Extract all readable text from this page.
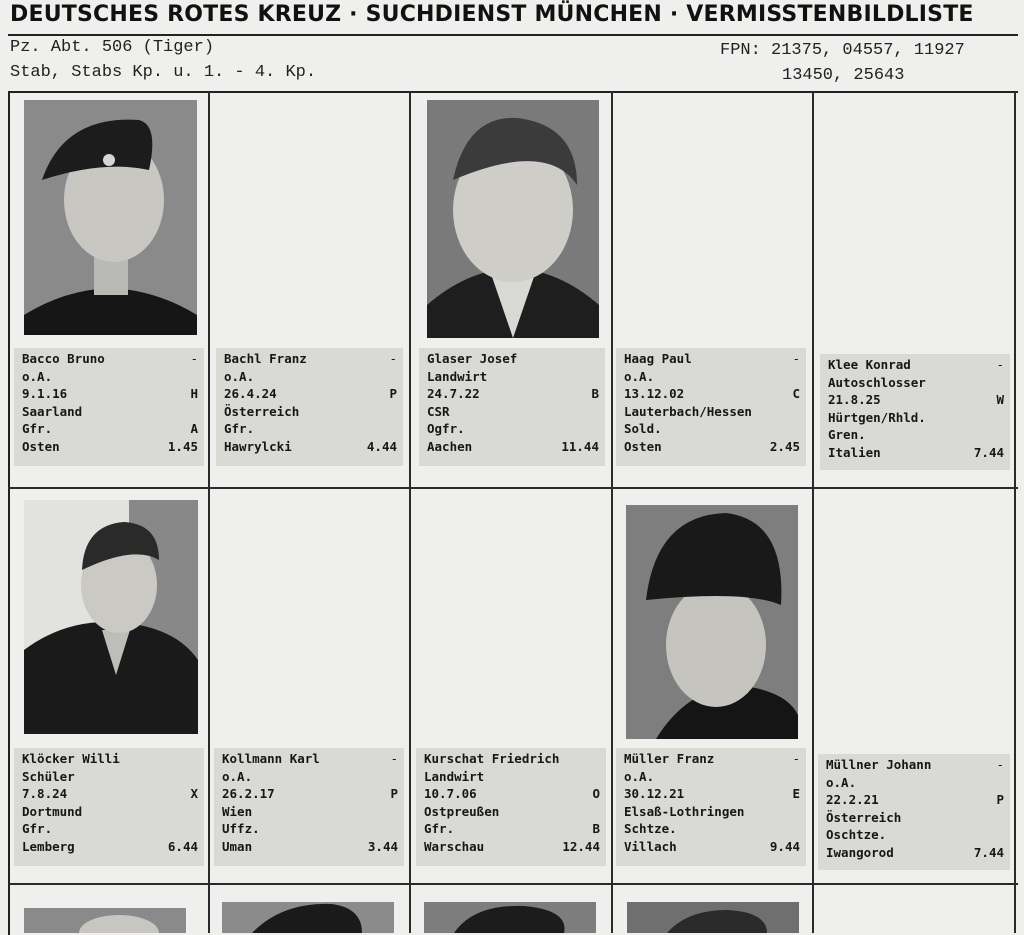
DEUTSCHES ROTES KREUZ · SUCHDIENST MÜNCHEN · VERMISSTENBILDLISTE
Pz. Abt. 506 (Tiger)
Stab, Stabs Kp. u. 1. - 4. Kp.
FPN: 21375, 04557, 11927
13450, 25643
Bacco Bruno	-
o.A.
9.1.16	H
Saarland
Gfr.	A
Osten	1.45
Bachl Franz	-
o.A.
26.4.24	P
Österreich
Gfr.
Hawrylcki	4.44
Glaser Josef
Landwirt
24.7.22	B
CSR
Ogfr.
Aachen	11.44
Haag Paul	-
o.A.
13.12.02	C
Lauterbach/Hessen
Sold.
Osten	2.45
Klee Konrad	-
Autoschlosser
21.8.25	W
Hürtgen/Rhld.
Gren.
Italien	7.44
Klöcker Willi
Schüler
7.8.24	X
Dortmund
Gfr.
Lemberg	6.44
Kollmann Karl	-
o.A.
26.2.17	P
Wien
Uffz.
Uman	3.44
Kurschat Friedrich
Landwirt
10.7.06	O
Ostpreußen
Gfr.	B
Warschau	12.44
Müller Franz	-
o.A.
30.12.21	E
Elsaß-Lothringen
Schtze.
Villach	9.44
Müllner Johann	-
o.A.
22.2.21	P
Österreich
Oschtze.
Iwangorod	7.44
